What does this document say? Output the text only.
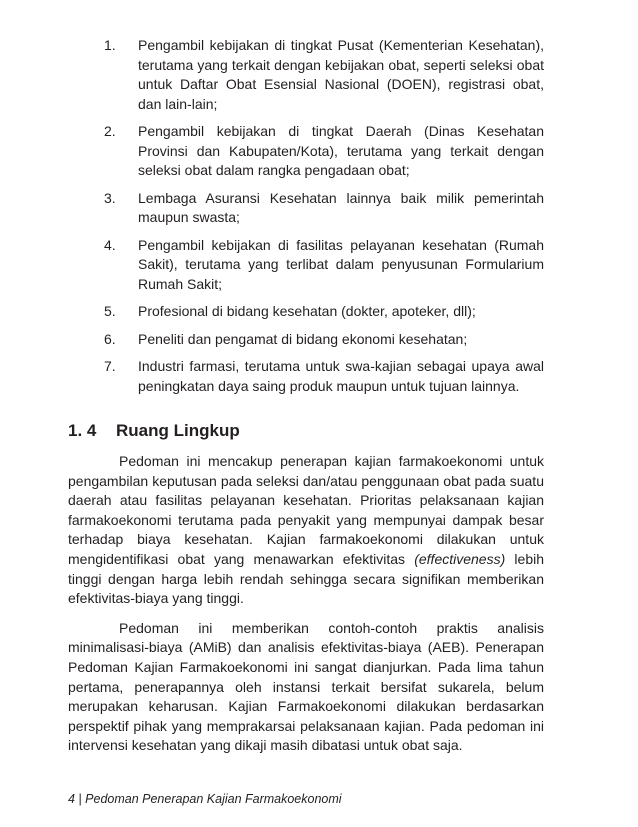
1. Pengambil kebijakan di tingkat Pusat (Kementerian Kesehatan), terutama yang terkait dengan kebijakan obat, seperti seleksi obat untuk Daftar Obat Esensial Nasional (DOEN), registrasi obat, dan lain-lain;
2. Pengambil kebijakan di tingkat Daerah (Dinas Kesehatan Provinsi dan Kabupaten/Kota), terutama yang terkait dengan seleksi obat dalam rangka pengadaan obat;
3. Lembaga Asuransi Kesehatan lainnya baik milik pemerintah maupun swasta;
4. Pengambil kebijakan di fasilitas pelayanan kesehatan (Rumah Sakit), terutama yang terlibat dalam penyusunan Formularium Rumah Sakit;
5. Profesional di bidang kesehatan (dokter, apoteker, dll);
6. Peneliti dan pengamat di bidang ekonomi kesehatan;
7. Industri farmasi, terutama untuk swa-kajian sebagai upaya awal peningkatan daya saing produk maupun untuk tujuan lainnya.
1. 4 Ruang Lingkup

Pedoman ini mencakup penerapan kajian farmakoekonomi untuk pengambilan keputusan pada seleksi dan/atau penggunaan obat pada suatu daerah atau fasilitas pelayanan kesehatan. Prioritas pelaksanaan kajian farmakoekonomi terutama pada penyakit yang mempunyai dampak besar terhadap biaya kesehatan. Kajian farmakoekonomi dilakukan untuk mengidentifikasi obat yang menawarkan efektivitas (effectiveness) lebih tinggi dengan harga lebih rendah sehingga secara signifikan memberikan efektivitas-biaya yang tinggi.

Pedoman ini memberikan contoh-contoh praktis analisis minimalisasi-biaya (AMiB) dan analisis efektivitas-biaya (AEB). Penerapan Pedoman Kajian Farmakoekonomi ini sangat dianjurkan. Pada lima tahun pertama, penerapannya oleh instansi terkait bersifat sukarela, belum merupakan keharusan. Kajian Farmakoekonomi dilakukan berdasarkan perspektif pihak yang memprakarsai pelaksanaan kajian. Pada pedoman ini intervensi kesehatan yang dikaji masih dibatasi untuk obat saja.

4 | Pedoman Penerapan Kajian Farmakoekonomi
